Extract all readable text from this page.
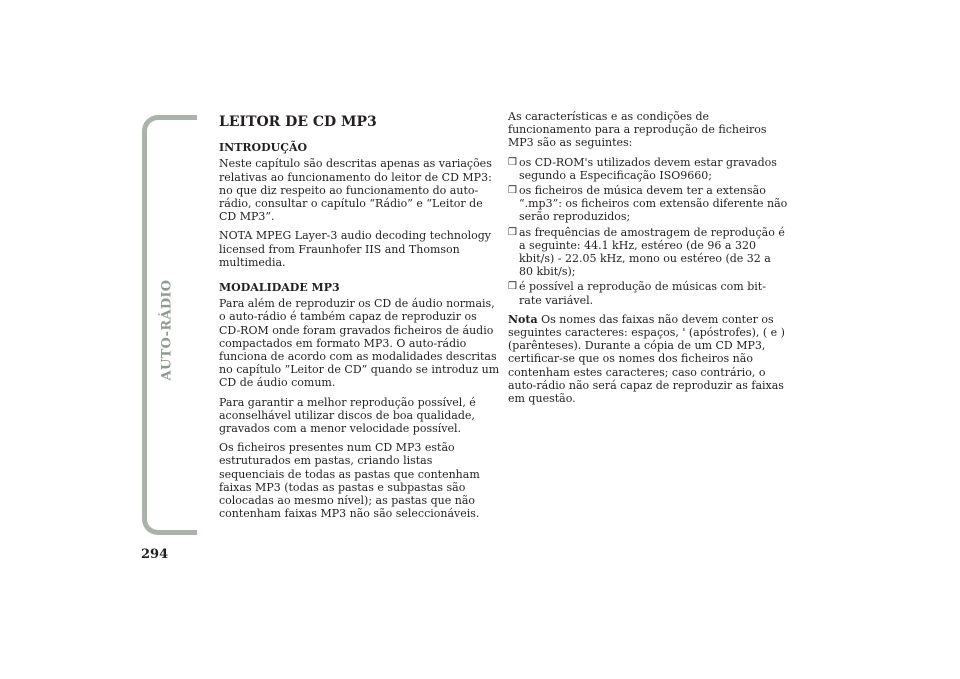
AUTO-RÁDIO
294
LEITOR DE CD MP3
INTRODUÇÃO

Neste capítulo são descritas apenas as variações relativas ao funcionamento do leitor de CD MP3: no que diz respeito ao funcionamento do auto-rádio, consultar o capítulo “Rádio” e “Leitor de CD MP3”.

NOTA MPEG Layer-3 audio decoding technology licensed from Fraunhofer IIS and Thomson multimedia.

MODALIDADE MP3

Para além de reproduzir os CD de áudio normais, o auto-rádio é também capaz de reproduzir os CD-ROM onde foram gravados ficheiros de áudio compactados em formato MP3. O auto-rádio funciona de acordo com as modalidades descritas no capítulo ”Leitor de CD” quando se introduz um CD de áudio comum.

Para garantir a melhor reprodução possível, é aconselhável utilizar discos de boa qualidade, gravados com a menor velocidade possível.

Os ficheiros presentes num CD MP3 estão estruturados em pastas, criando listas sequenciais de todas as pastas que contenham faixas MP3 (todas as pastas e subpastas são colocadas ao mesmo nível); as pastas que não contenham faixas MP3 não são seleccionáveis.

As características e as condições de funcionamento para a reprodução de ficheiros MP3 são as seguintes:

❒ os CD-ROM's utilizados devem estar gravados segundo a Especificação ISO9660;
❒ os ficheiros de música devem ter a extensão “.mp3”: os ficheiros com extensão diferente não serão reproduzidos;
❒ as frequências de amostragem de reprodução é a seguinte: 44.1 kHz, estéreo (de 96 a 320 kbit/s) - 22.05 kHz, mono ou estéreo (de 32 a 80 kbit/s);
❒ é possível a reprodução de músicas com bit-rate variável.

Nota Os nomes das faixas não devem conter os seguintes caracteres: espaços, ' (apóstrofes), ( e ) (parênteses). Durante a cópia de um CD MP3, certificar-se que os nomes dos ficheiros não contenham estes caracteres; caso contrário, o auto-rádio não será capaz de reproduzir as faixas em questão.
